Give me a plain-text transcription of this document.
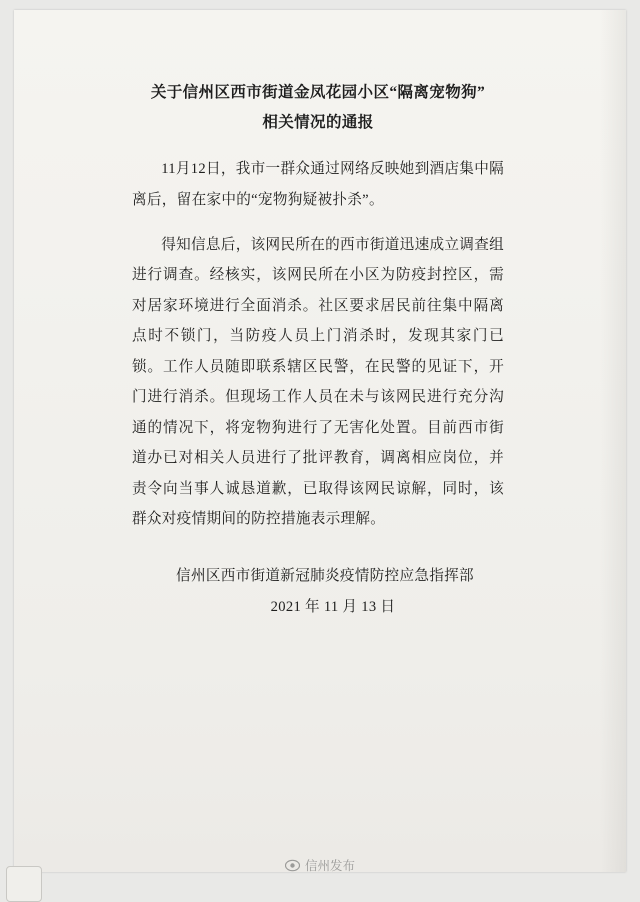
关于信州区西市街道金凤花园小区“隔离宠物狗”
相关情况的通报

11月12日，我市一群众通过网络反映她到酒店集中隔离后，留在家中的“宠物狗疑被扑杀”。

得知信息后，该网民所在的西市街道迅速成立调查组进行调查。经核实，该网民所在小区为防疫封控区，需对居家环境进行全面消杀。社区要求居民前往集中隔离点时不锁门，当防疫人员上门消杀时，发现其家门已锁。工作人员随即联系辖区民警，在民警的见证下，开门进行消杀。但现场工作人员在未与该网民进行充分沟通的情况下，将宠物狗进行了无害化处置。目前西市街道办已对相关人员进行了批评教育，调离相应岗位，并责令向当事人诚恳道歉，已取得该网民谅解，同时，该群众对疫情期间的防控措施表示理解。

信州区西市街道新冠肺炎疫情防控应急指挥部
2021 年 11 月 13 日
信州发布
